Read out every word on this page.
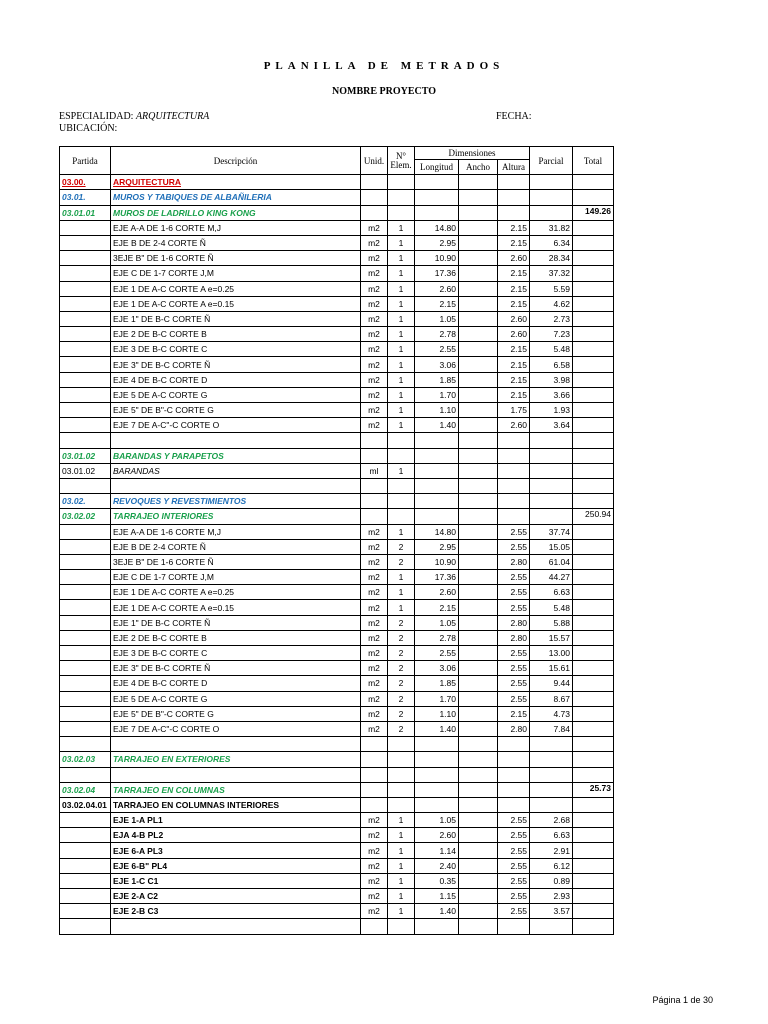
PLANILLA DE METRADOS
NOMBRE PROYECTO
ESPECIALIDAD: ARQUITECTURA	FECHA:
UBICACIÓN:
Partida	Descripción	Unid.	N° Elem.	Dimensiones			Parcial	Total
				Longitud	Ancho	Altura		
03.00.	ARQUITECTURA							
03.01.	MUROS Y TABIQUES DE ALBAÑILERIA							
03.01.01	MUROS DE LADRILLO KING KONG							149.26
	EJE A-A DE 1-6 CORTE M,J	m2	1	14.80		2.15	31.82	
	EJE B DE 2-4 CORTE Ñ	m2	1	2.95		2.15	6.34	
	3EJE B" DE 1-6 CORTE Ñ	m2	1	10.90		2.60	28.34	
	EJE C DE 1-7 CORTE J,M	m2	1	17.36		2.15	37.32	
	EJE 1 DE A-C CORTE A e=0.25	m2	1	2.60		2.15	5.59	
	EJE 1 DE A-C CORTE A e=0.15	m2	1	2.15		2.15	4.62	
	EJE 1" DE B-C CORTE Ñ	m2	1	1.05		2.60	2.73	
	EJE 2 DE B-C CORTE B	m2	1	2.78		2.60	7.23	
	EJE 3 DE B-C CORTE C	m2	1	2.55		2.15	5.48	
	EJE 3" DE B-C CORTE Ñ	m2	1	3.06		2.15	6.58	
	EJE 4 DE B-C CORTE D	m2	1	1.85		2.15	3.98	
	EJE 5 DE A-C CORTE G	m2	1	1.70		2.15	3.66	
	EJE 5" DE B"-C CORTE G	m2	1	1.10		1.75	1.93	
	EJE 7 DE A-C"-C CORTE O	m2	1	1.40		2.60	3.64	

03.01.02	BARANDAS Y PARAPETOS							
03.01.02	BARANDAS	ml	1					

03.02.	REVOQUES Y REVESTIMIENTOS							
03.02.02	TARRAJEO INTERIORES							250.94
	EJE A-A DE 1-6 CORTE M,J	m2	1	14.80		2.55	37.74	
	EJE B DE 2-4 CORTE Ñ	m2	2	2.95		2.55	15.05	
	3EJE B" DE 1-6 CORTE Ñ	m2	2	10.90		2.80	61.04	
	EJE C DE 1-7 CORTE J,M	m2	1	17.36		2.55	44.27	
	EJE 1 DE A-C CORTE A e=0.25	m2	1	2.60		2.55	6.63	
	EJE 1 DE A-C CORTE A e=0.15	m2	1	2.15		2.55	5.48	
	EJE 1" DE B-C CORTE Ñ	m2	2	1.05		2.80	5.88	
	EJE 2 DE B-C CORTE B	m2	2	2.78		2.80	15.57	
	EJE 3 DE B-C CORTE C	m2	2	2.55		2.55	13.00	
	EJE 3" DE B-C CORTE Ñ	m2	2	3.06		2.55	15.61	
	EJE 4 DE B-C CORTE D	m2	2	1.85		2.55	9.44	
	EJE 5 DE A-C CORTE G	m2	2	1.70		2.55	8.67	
	EJE 5" DE B"-C CORTE G	m2	2	1.10		2.15	4.73	
	EJE 7 DE A-C"-C CORTE O	m2	2	1.40		2.80	7.84	

03.02.03	TARRAJEO EN EXTERIORES							

03.02.04	TARRAJEO EN COLUMNAS							25.73
03.02.04.01	TARRAJEO EN COLUMNAS INTERIORES							
	EJE 1-A PL1	m2	1	1.05		2.55	2.68	
	EJA 4-B PL2	m2	1	2.60		2.55	6.63	
	EJE 6-A PL3	m2	1	1.14		2.55	2.91	
	EJE 6-B" PL4	m2	1	2.40		2.55	6.12	
	EJE 1-C C1	m2	1	0.35		2.55	0.89	
	EJE 2-A C2	m2	1	1.15		2.55	2.93	
	EJE 2-B C3	m2	1	1.40		2.55	3.57	

Página 1 de 30
